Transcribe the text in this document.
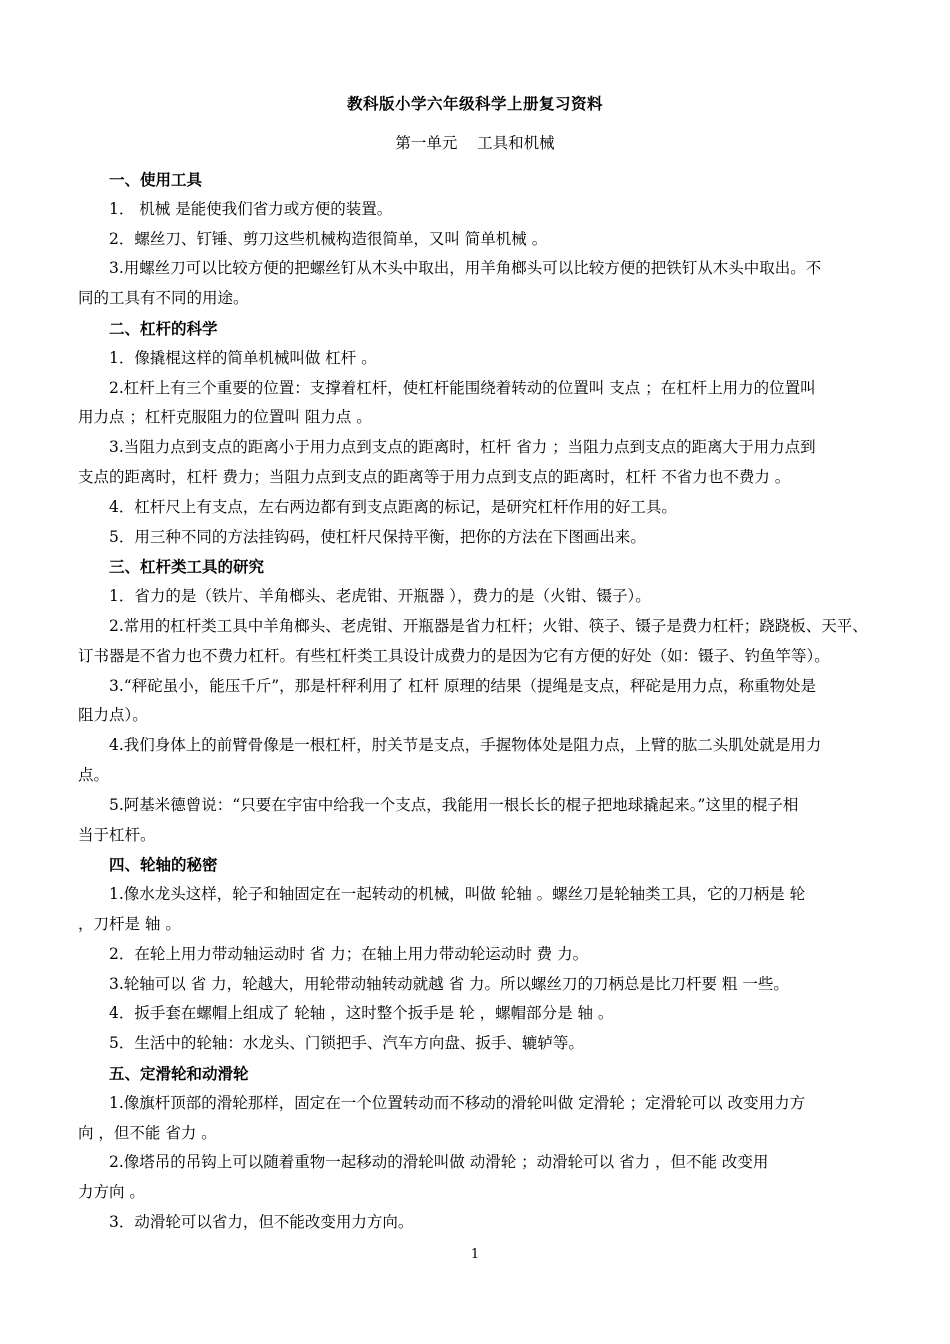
教科版小学六年级科学上册复习资料
第一单元    工具和机械
一、使用工具
1． 机械 是能使我们省力或方便的装置。
2．螺丝刀、钉锤、剪刀这些机械构造很简单，又叫 简单机械 。
3.用螺丝刀可以比较方便的把螺丝钉从木头中取出，用羊角榔头可以比较方便的把铁钉从木头中取出。不
同的工具有不同的用途。
二、杠杆的科学
1．像撬棍这样的简单机械叫做 杠杆 。
2.杠杆上有三个重要的位置：支撑着杠杆，使杠杆能围绕着转动的位置叫 支点 ；在杠杆上用力的位置叫
用力点 ；杠杆克服阻力的位置叫 阻力点 。
3.当阻力点到支点的距离小于用力点到支点的距离时，杠杆 省力 ；当阻力点到支点的距离大于用力点到
支点的距离时，杠杆 费力；当阻力点到支点的距离等于用力点到支点的距离时，杠杆 不省力也不费力 。
4．杠杆尺上有支点，左右两边都有到支点距离的标记，是研究杠杆作用的好工具。
5．用三种不同的方法挂钩码，使杠杆尺保持平衡，把你的方法在下图画出来。
三、杠杆类工具的研究
1．省力的是（铁片、羊角榔头、老虎钳、开瓶器 ），费力的是（火钳、镊子）。
2.常用的杠杆类工具中羊角榔头、老虎钳、开瓶器是省力杠杆；火钳、筷子、镊子是费力杠杆；跷跷板、天平、
订书器是不省力也不费力杠杆。有些杠杆类工具设计成费力的是因为它有方便的好处（如：镊子、钓鱼竿等）。
3.“秤砣虽小，能压千斤”，那是杆秤利用了 杠杆 原理的结果（提绳是支点，秤砣是用力点，称重物处是
阻力点）。
4.我们身体上的前臂骨像是一根杠杆，肘关节是支点，手握物体处是阻力点，上臂的肱二头肌处就是用力
点。
5.阿基米德曾说：“只要在宇宙中给我一个支点，我能用一根长长的棍子把地球撬起来。”这里的棍子相
当于杠杆。
四、轮轴的秘密
1.像水龙头这样，轮子和轴固定在一起转动的机械，叫做 轮轴 。螺丝刀是轮轴类工具，它的刀柄是 轮
，刀杆是 轴 。
2．在轮上用力带动轴运动时 省 力；在轴上用力带动轮运动时 费 力。
3.轮轴可以 省 力，轮越大，用轮带动轴转动就越 省 力。所以螺丝刀的刀柄总是比刀杆要 粗 一些。
4．扳手套在螺帽上组成了 轮轴 ，这时整个扳手是 轮 ，螺帽部分是 轴 。
5．生活中的轮轴：水龙头、门锁把手、汽车方向盘、扳手、辘轳等。
五、定滑轮和动滑轮
1.像旗杆顶部的滑轮那样，固定在一个位置转动而不移动的滑轮叫做 定滑轮 ；定滑轮可以 改变用力方
向 ，但不能 省力 。
2.像塔吊的吊钩上可以随着重物一起移动的滑轮叫做 动滑轮 ；动滑轮可以 省力 ，但不能 改变用
力方向 。
3．动滑轮可以省力，但不能改变用力方向。
1
